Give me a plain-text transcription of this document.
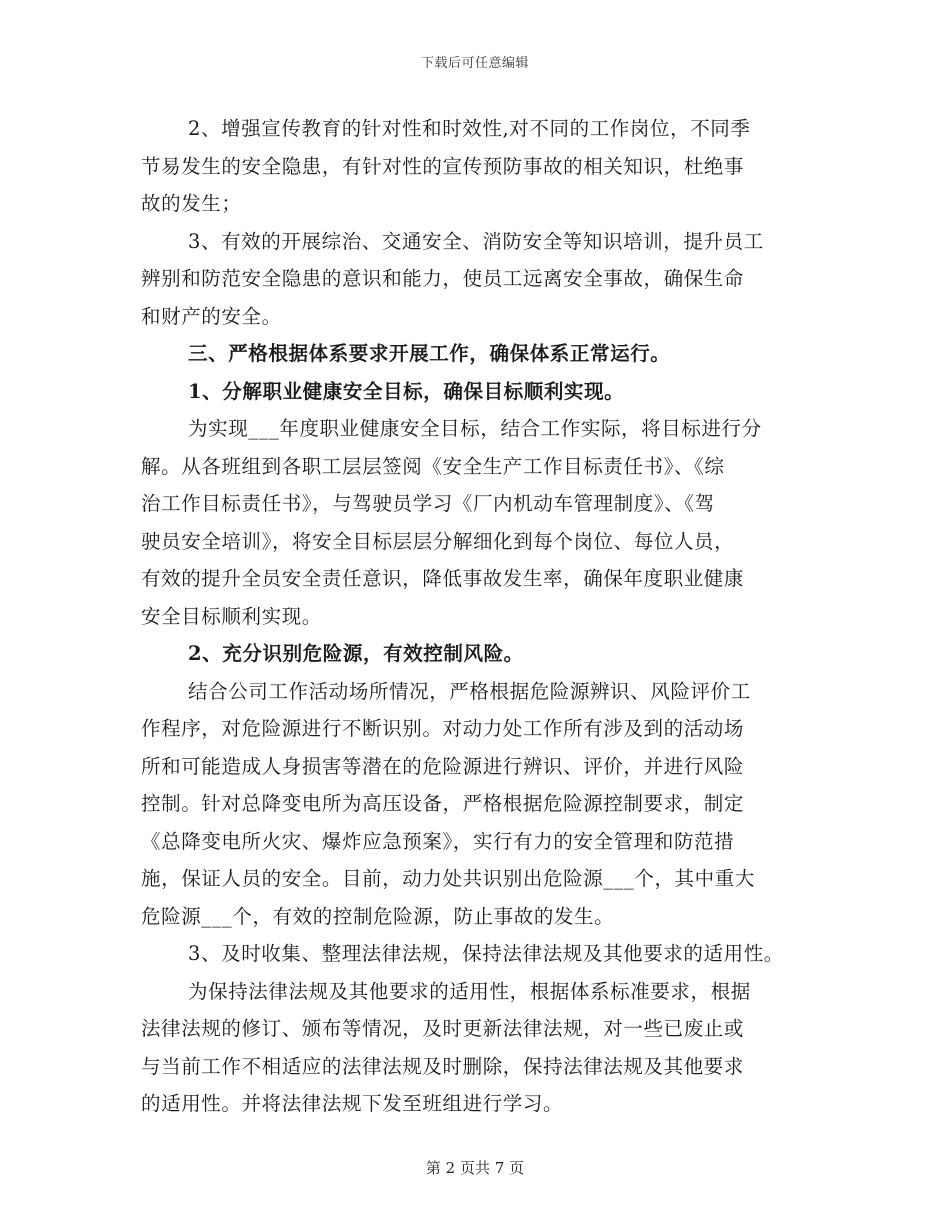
下载后可任意编辑
2、增强宣传教育的针对性和时效性,对不同的工作岗位，不同季
节易发生的安全隐患，有针对性的宣传预防事故的相关知识，杜绝事
故的发生；
3、有效的开展综治、交通安全、消防安全等知识培训，提升员工
辨别和防范安全隐患的意识和能力，使员工远离安全事故，确保生命
和财产的安全。
三、严格根据体系要求开展工作，确保体系正常运行。
1、分解职业健康安全目标，确保目标顺利实现。
为实现___年度职业健康安全目标，结合工作实际，将目标进行分
解。从各班组到各职工层层签阅《安全生产工作目标责任书》、《综
治工作目标责任书》，与驾驶员学习《厂内机动车管理制度》、《驾
驶员安全培训》，将安全目标层层分解细化到每个岗位、每位人员，
有效的提升全员安全责任意识，降低事故发生率，确保年度职业健康
安全目标顺利实现。
2、充分识别危险源，有效控制风险。
结合公司工作活动场所情况，严格根据危险源辨识、风险评价工
作程序，对危险源进行不断识别。对动力处工作所有涉及到的活动场
所和可能造成人身损害等潜在的危险源进行辨识、评价，并进行风险
控制。针对总降变电所为高压设备，严格根据危险源控制要求，制定
《总降变电所火灾、爆炸应急预案》，实行有力的安全管理和防范措
施，保证人员的安全。目前，动力处共识别出危险源___个，其中重大
危险源___个，有效的控制危险源，防止事故的发生。
3、及时收集、整理法律法规，保持法律法规及其他要求的适用性。
为保持法律法规及其他要求的适用性，根据体系标准要求，根据
法律法规的修订、颁布等情况，及时更新法律法规，对一些已废止或
与当前工作不相适应的法律法规及时删除，保持法律法规及其他要求
的适用性。并将法律法规下发至班组进行学习。
第 2 页共 7 页
